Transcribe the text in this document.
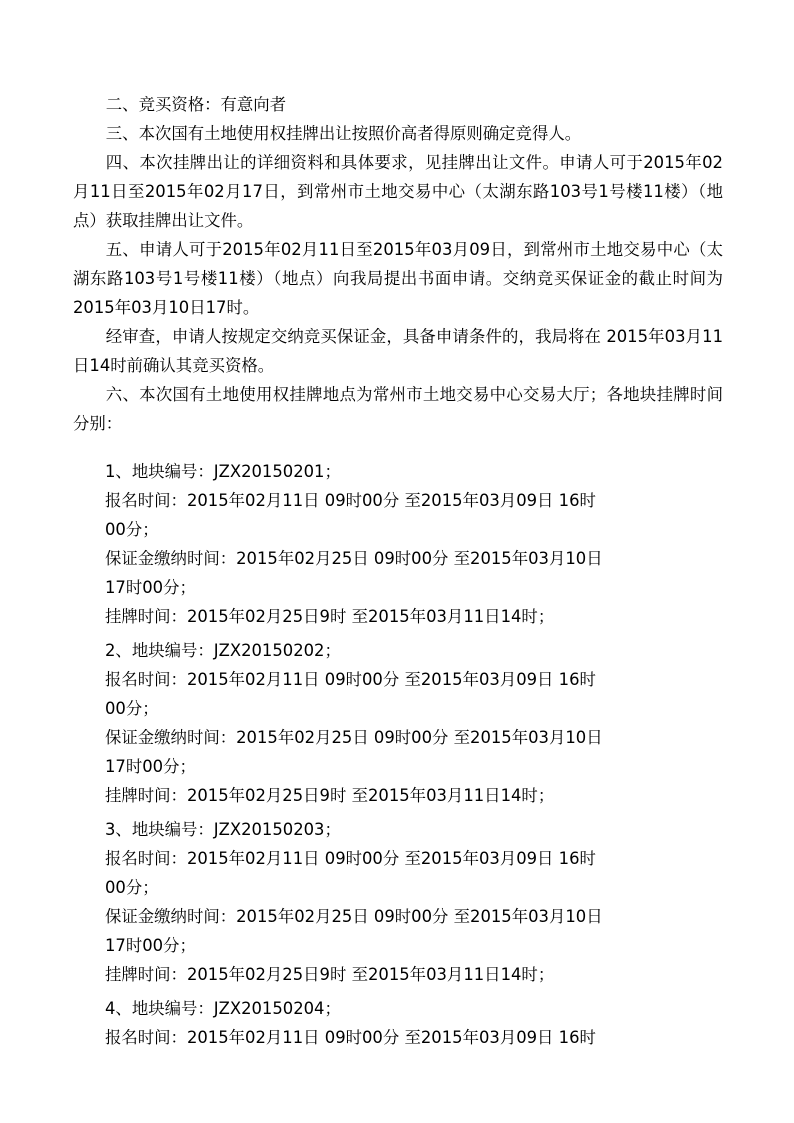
二、竞买资格：有意向者

三、本次国有土地使用权挂牌出让按照价高者得原则确定竞得人。

四、本次挂牌出让的详细资料和具体要求，见挂牌出让文件。申请人可于2015年02月11日至2015年02月17日，到常州市土地交易中心（太湖东路103号1号楼11楼）（地点）获取挂牌出让文件。

五、申请人可于2015年02月11日至2015年03月09日，到常州市土地交易中心（太湖东路103号1号楼11楼）（地点）向我局提出书面申请。交纳竞买保证金的截止时间为2015年03月10日17时。

经审查，申请人按规定交纳竞买保证金，具备申请条件的，我局将在 2015年03月11日14时前确认其竞买资格。

六、本次国有土地使用权挂牌地点为常州市土地交易中心交易大厅；各地块挂牌时间分别：

1、地块编号：JZX20150201；

报名时间：2015年02月11日 09时00分 至2015年03月09日 16时

00分；

保证金缴纳时间：2015年02月25日 09时00分 至2015年03月10日

17时00分；

挂牌时间：2015年02月25日9时 至2015年03月11日14时；

2、地块编号：JZX20150202；

报名时间：2015年02月11日 09时00分 至2015年03月09日 16时

00分；

保证金缴纳时间：2015年02月25日 09时00分 至2015年03月10日

17时00分；

挂牌时间：2015年02月25日9时 至2015年03月11日14时；

3、地块编号：JZX20150203；

报名时间：2015年02月11日 09时00分 至2015年03月09日 16时

00分；

保证金缴纳时间：2015年02月25日 09时00分 至2015年03月10日

17时00分；

挂牌时间：2015年02月25日9时 至2015年03月11日14时；

4、地块编号：JZX20150204；

报名时间：2015年02月11日 09时00分 至2015年03月09日 16时
